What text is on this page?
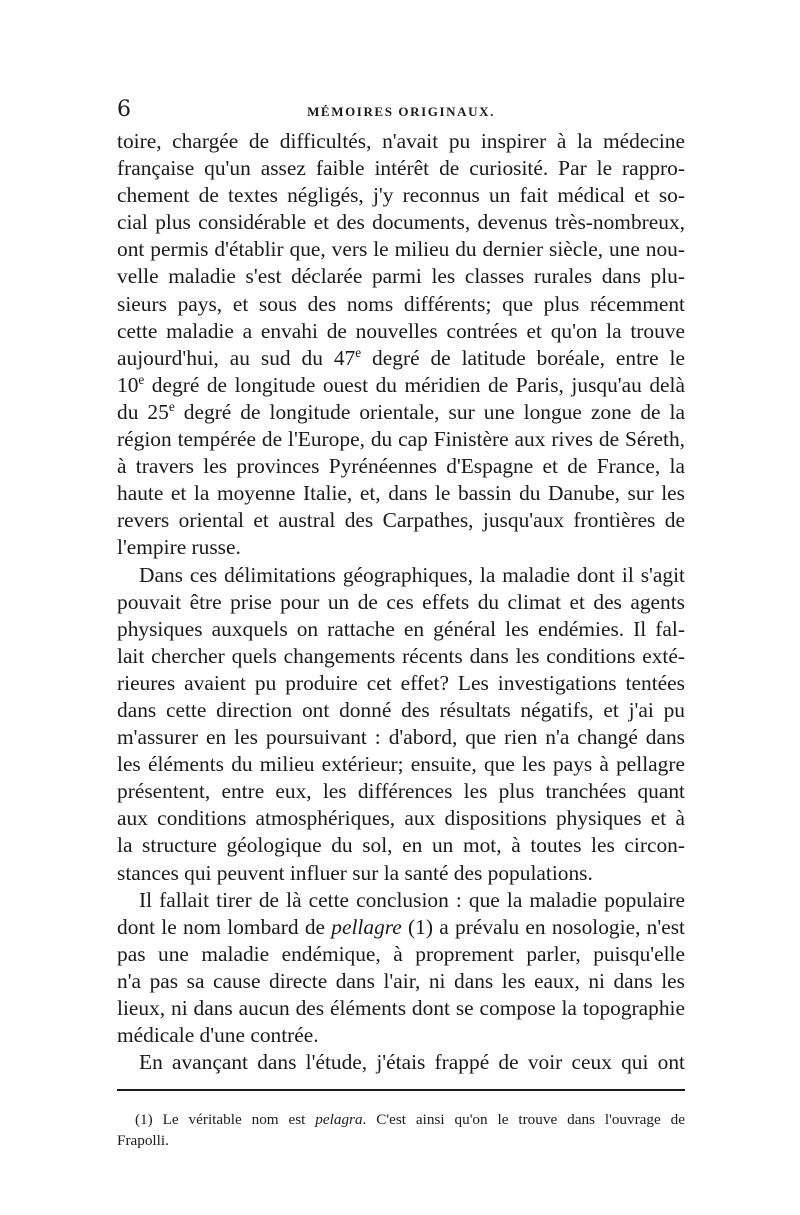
6	MÉMOIRES ORIGINAUX.
toire, chargée de difficultés, n'avait pu inspirer à la médecine
française qu'un assez faible intérêt de curiosité. Par le rappro-
chement de textes négligés, j'y reconnus un fait médical et so-
cial plus considérable et des documents, devenus très-nombreux,
ont permis d'établir que, vers le milieu du dernier siècle, une nou-
velle maladie s'est déclarée parmi les classes rurales dans plu-
sieurs pays, et sous des noms différents; que plus récemment
cette maladie a envahi de nouvelles contrées et qu'on la trouve
aujourd'hui, au sud du 47e degré de latitude boréale, entre le
10e degré de longitude ouest du méridien de Paris, jusqu'au delà
du 25e degré de longitude orientale, sur une longue zone de la
région tempérée de l'Europe, du cap Finistère aux rives de Séreth,
à travers les provinces Pyrénéennes d'Espagne et de France, la
haute et la moyenne Italie, et, dans le bassin du Danube, sur les
revers oriental et austral des Carpathes, jusqu'aux frontières de
l'empire russe.
Dans ces délimitations géographiques, la maladie dont il s'agit
pouvait être prise pour un de ces effets du climat et des agents
physiques auxquels on rattache en général les endémies. Il fal-
lait chercher quels changements récents dans les conditions exté-
rieures avaient pu produire cet effet? Les investigations tentées
dans cette direction ont donné des résultats négatifs, et j'ai pu
m'assurer en les poursuivant : d'abord, que rien n'a changé dans
les éléments du milieu extérieur; ensuite, que les pays à pellagre
présentent, entre eux, les différences les plus tranchées quant
aux conditions atmosphériques, aux dispositions physiques et à
la structure géologique du sol, en un mot, à toutes les circon-
stances qui peuvent influer sur la santé des populations.
Il fallait tirer de là cette conclusion : que la maladie populaire
dont le nom lombard de pellagre (1) a prévalu en nosologie, n'est
pas une maladie endémique, à proprement parler, puisqu'elle
n'a pas sa cause directe dans l'air, ni dans les eaux, ni dans les
lieux, ni dans aucun des éléments dont se compose la topographie
médicale d'une contrée.
En avançant dans l'étude, j'étais frappé de voir ceux qui ont
(1) Le véritable nom est pelagra. C'est ainsi qu'on le trouve dans l'ouvrage de
Frapolli.
